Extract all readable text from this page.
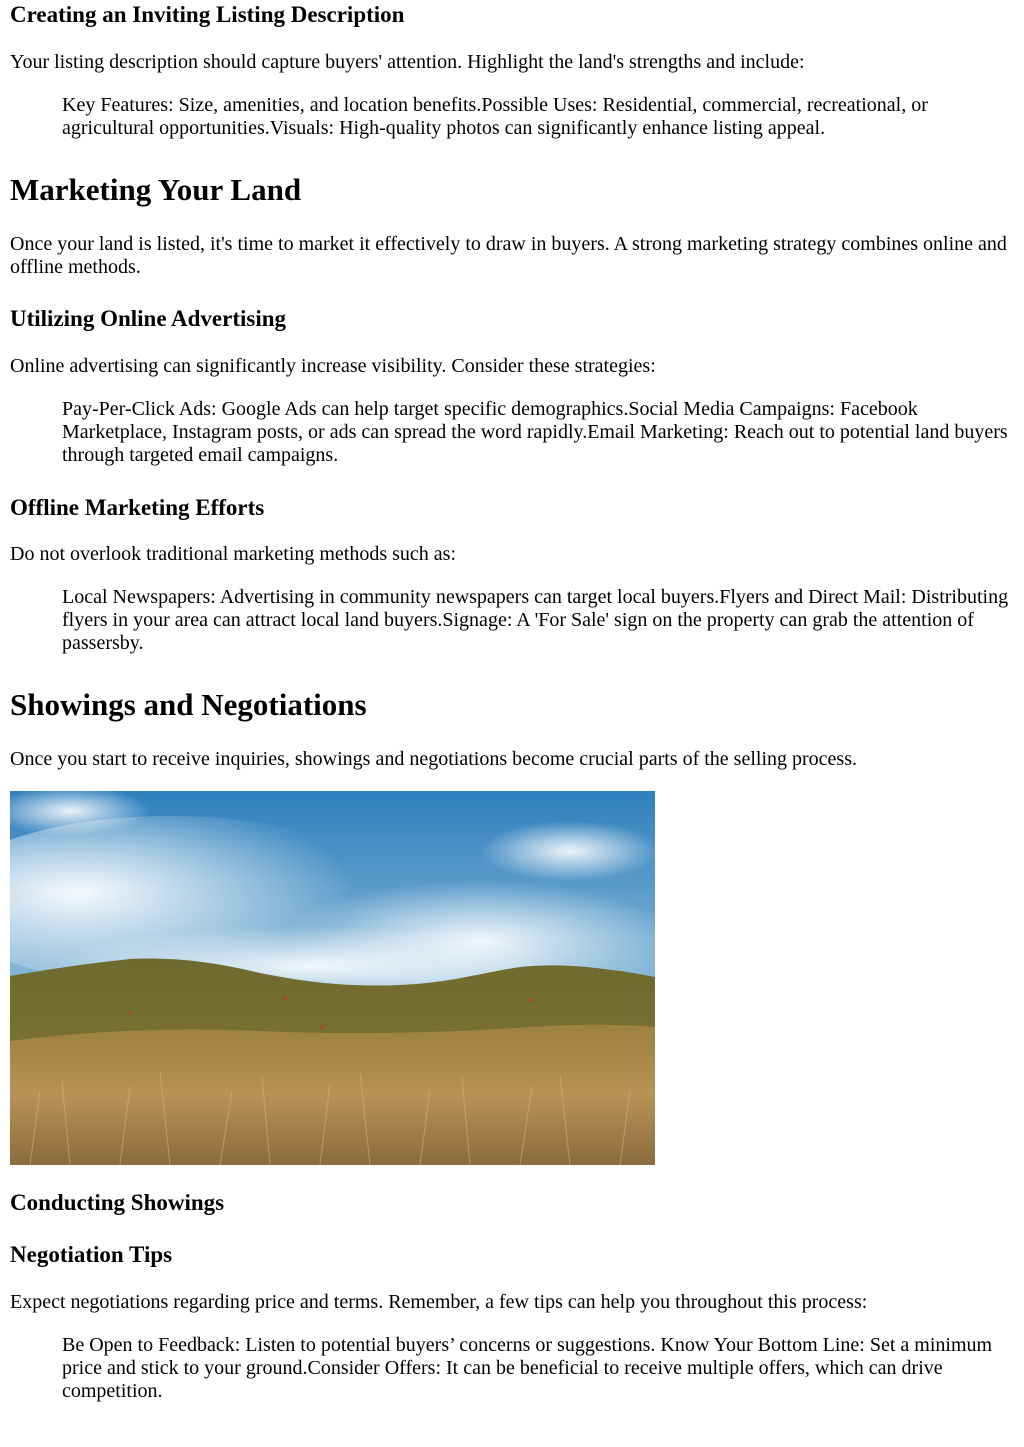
Creating an Inviting Listing Description

Your listing description should capture buyers' attention. Highlight the land's strengths and include:

Key Features: Size, amenities, and location benefits.Possible Uses: Residential, commercial, recreational, or agricultural opportunities.Visuals: High-quality photos can significantly enhance listing appeal.
Marketing Your Land

Once your land is listed, it's time to market it effectively to draw in buyers. A strong marketing strategy combines online and offline methods.

Utilizing Online Advertising

Online advertising can significantly increase visibility. Consider these strategies:

Pay-Per-Click Ads: Google Ads can help target specific demographics.Social Media Campaigns: Facebook Marketplace, Instagram posts, or ads can spread the word rapidly.Email Marketing: Reach out to potential land buyers through targeted email campaigns.
Offline Marketing Efforts

Do not overlook traditional marketing methods such as:

Local Newspapers: Advertising in community newspapers can target local buyers.Flyers and Direct Mail: Distributing flyers in your area can attract local land buyers.Signage: A 'For Sale' sign on the property can grab the attention of passersby.
Showings and Negotiations

Once you start to receive inquiries, showings and negotiations become crucial parts of the selling process.

Conducting Showings
Negotiation Tips

Expect negotiations regarding price and terms. Remember, a few tips can help you throughout this process:

Be Open to Feedback: Listen to potential buyers’ concerns or suggestions. Know Your Bottom Line: Set a minimum price and stick to your ground.Consider Offers: It can be beneficial to receive multiple offers, which can drive competition.
